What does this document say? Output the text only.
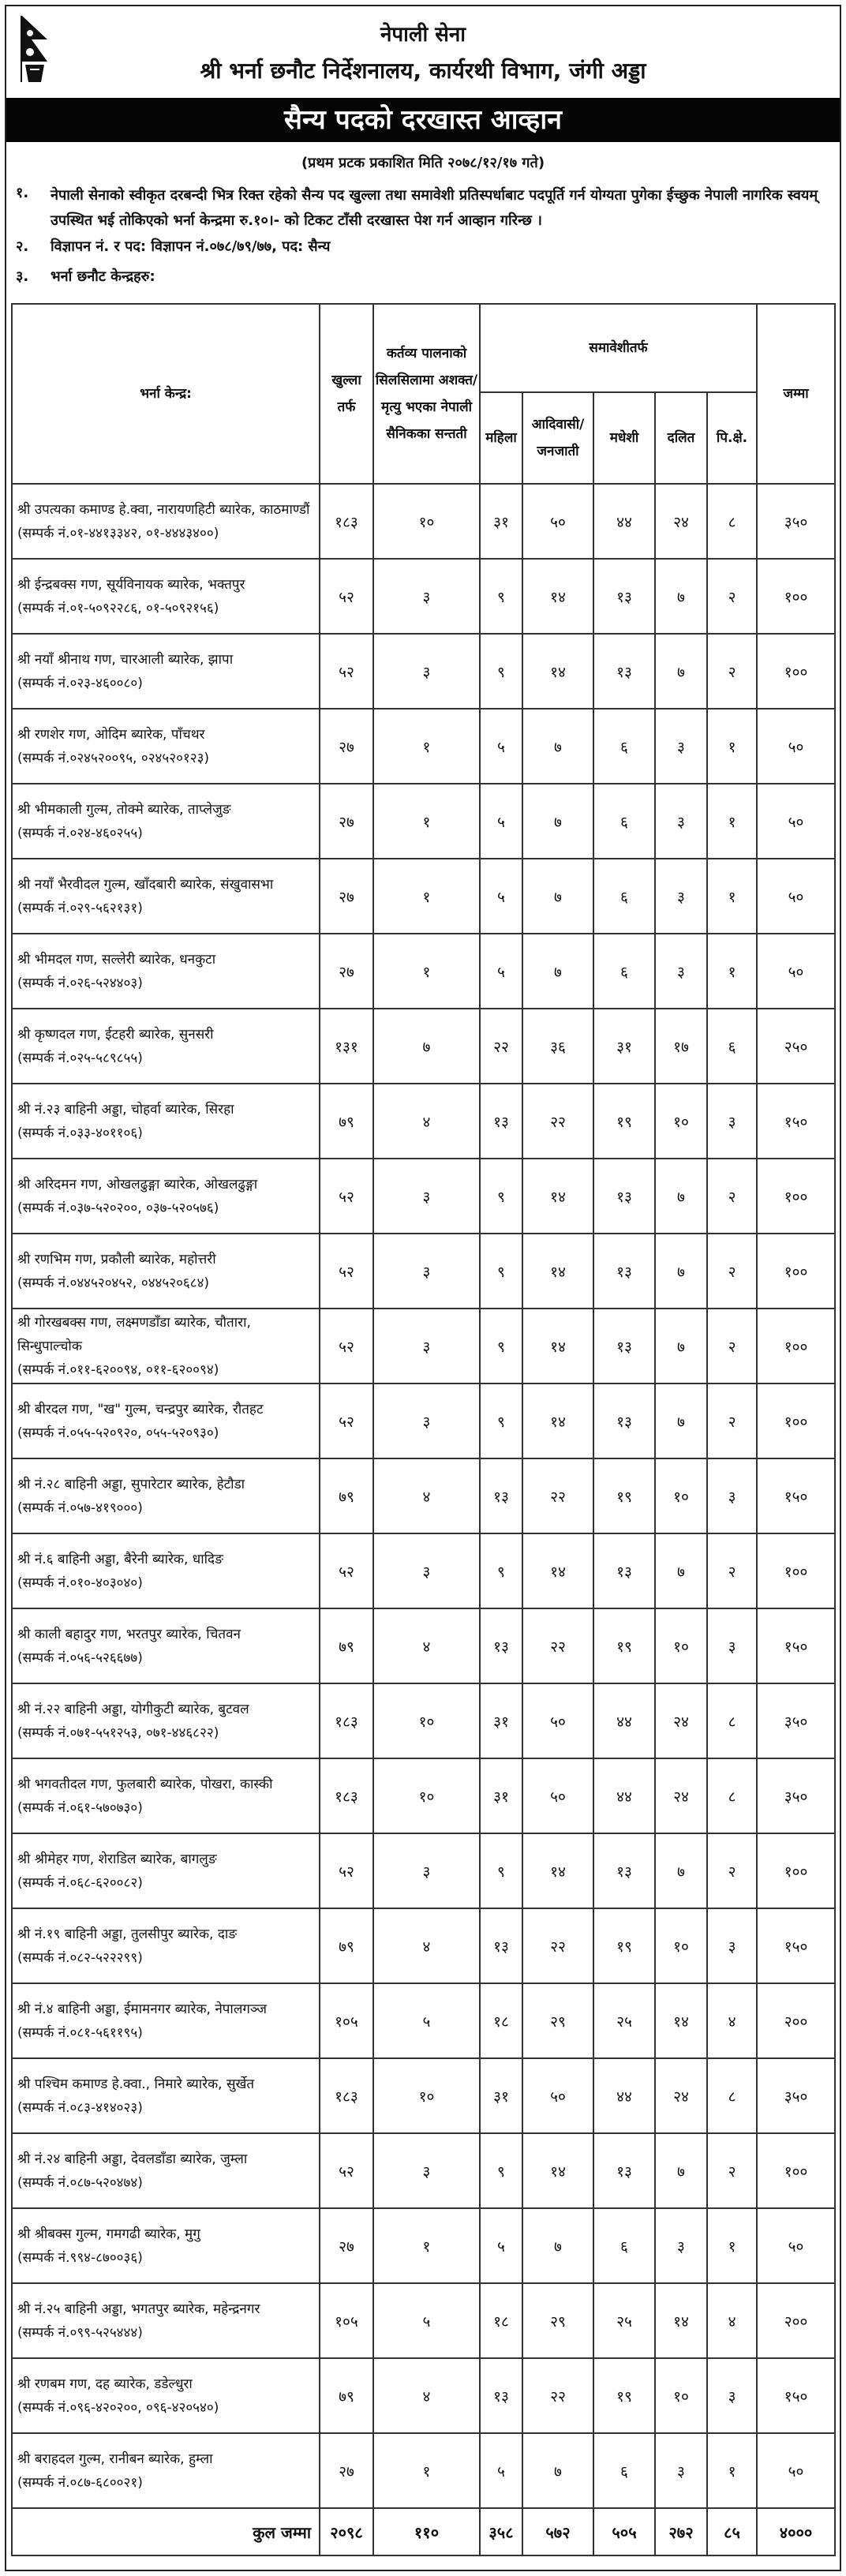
नेपाली सेना
श्री भर्ना छनौट निर्देशनालय, कार्यरथी विभाग, जंगी अड्डा
सैन्य पदको दरखास्त आव्हान
(प्रथम प्रटक प्रकाशित मिति २०७८/१२/१७ गते)
१. नेपाली सेनाको स्वीकृत दरबन्दी भित्र रिक्त रहेको सैन्य पद खुल्ला तथा समावेशी प्रतिस्पर्धाबाट पदपूर्ति गर्न योग्यता पुगेका ईच्छुक नेपाली नागरिक स्वयम् उपस्थित भई तोकिएको भर्ना केन्द्रमा रु.१०।- को टिकट टाँसी दरखास्त पेश गर्न आव्हान गरिन्छ ।
२. विज्ञापन नं. र पद: विज्ञापन नं.०७८/७९/७७, पद: सैन्य
३. भर्ना छनौट केन्द्रहरु:
भर्ना केन्द्र:	खुल्ला तर्फ	कर्तव्य पालनाको सिलसिलामा अशक्त/मृत्यु भएका नेपाली सैनिकका सन्तती	समावेशीतर्फ					जम्मा
			महिला	आदिवासी/ जनजाती	मधेशी	दलित	पि.क्षे.	

श्री उपत्यका कमाण्ड हे.क्वा, नारायणहिटी ब्यारेक, काठमाण्डौं
(सम्पर्क नं.०१-४४१३३४२, ०१-४४४३४००)	१८३	१०	३१	५०	४४	२४	८	३५०

श्री ईन्द्रबक्स गण, सूर्यविनायक ब्यारेक, भक्तपुर
(सम्पर्क नं.०१-५०९२२८६, ०१-५०९२१५६)	५२	३	९	१४	१३	७	२	१००

श्री नयाँ श्रीनाथ गण, चारआली ब्यारेक, झापा
(सम्पर्क नं.०२३-४६००८०)	५२	३	९	१४	१३	७	२	१००

श्री रणशेर गण, ओदिम ब्यारेक, पाँचथर
(सम्पर्क नं.०२४५२००९५, ०२४५२०१२३)	२७	१	५	७	६	३	१	५०

श्री भीमकाली गुल्म, तोक्मे ब्यारेक, ताप्लेजुङ
(सम्पर्क नं.०२४-४६०२५५)	२७	१	५	७	६	३	१	५०

श्री नयाँ भैरवीदल गुल्म, खाँदबारी ब्यारेक, संखुवासभा
(सम्पर्क नं.०२९-५६२१३१)	२७	१	५	७	६	३	१	५०

श्री भीमदल गण, सल्लेरी ब्यारेक, धनकुटा
(सम्पर्क नं.०२६-५२४४०३)	२७	१	५	७	६	३	१	५०

श्री कृष्णदल गण, ईटहरी ब्यारेक, सुनसरी
(सम्पर्क नं.०२५-५८९८५५)	१३१	७	२२	३६	३१	१७	६	२५०

श्री नं.२३ बाहिनी अड्डा, चोहर्वा ब्यारेक, सिरहा
(सम्पर्क नं.०३३-४०११०६)	७९	४	१३	२२	१९	१०	३	१५०

श्री अरिदमन गण, ओखलढुङ्गा ब्यारेक, ओखलढुङ्गा
(सम्पर्क नं.०३७-५२०२००, ०३७-५२०५७६)	५२	३	९	१४	१३	७	२	१००

श्री रणभिम गण, प्रकौली ब्यारेक, महोत्तरी
(सम्पर्क नं.०४४५२०४५२, ०४४५२०६८४)	५२	३	९	१४	१३	७	२	१००

श्री गोरखबक्स गण, लक्ष्मणडाँडा ब्यारेक, चौतारा, सिन्धुपाल्चोक
(सम्पर्क नं.०११-६२००९४, ०११-६२००९४)	५२	३	९	१४	१३	७	२	१००

श्री बीरदल गण, "ख" गुल्म, चन्द्रपुर ब्यारेक, रौतहट
(सम्पर्क नं.०५५-५२०९२०, ०५५-५२०९३०)	५२	३	९	१४	१३	७	२	१००

श्री नं.२८ बाहिनी अड्डा, सुपारेटार ब्यारेक, हेटौडा
(सम्पर्क नं.०५७-४१९०००)	७९	४	१३	२२	१९	१०	३	१५०

श्री नं.६ बाहिनी अड्डा, बैरेनी ब्यारेक, धादिङ
(सम्पर्क नं.०१०-४०३०४०)	५२	३	९	१४	१३	७	२	१००

श्री काली बहादुर गण, भरतपुर ब्यारेक, चितवन
(सम्पर्क नं.०५६-५२६६७७)	७९	४	१३	२२	१९	१०	३	१५०

श्री नं.२२ बाहिनी अड्डा, योगीकुटी ब्यारेक, बुटवल
(सम्पर्क नं.०७१-५५१२५३, ०७१-४४६८२२)	१८३	१०	३१	५०	४४	२४	८	३५०

श्री भगवतीदल गण, फुलबारी ब्यारेक, पोखरा, कास्की
(सम्पर्क नं.०६१-५७०७३०)	१८३	१०	३१	५०	४४	२४	८	३५०

श्री श्रीमेहर गण, शेराडिल ब्यारेक, बागलुङ
(सम्पर्क नं.०६८-६२००८२)	५२	३	९	१४	१३	७	२	१००

श्री नं.१९ बाहिनी अड्डा, तुलसीपुर ब्यारेक, दाङ
(सम्पर्क नं.०८२-५२२२९९)	७९	४	१३	२२	१९	१०	३	१५०

श्री नं.४ बाहिनी अड्डा, ईमामनगर ब्यारेक, नेपालगञ्ज
(सम्पर्क नं.०८१-५६११९५)	१०५	५	१८	२९	२५	१४	४	२००

श्री पश्चिम कमाण्ड हे.क्वा., निमारे ब्यारेक, सुर्खेत
(सम्पर्क नं.०८३-४१४०२३)	१८३	१०	३१	५०	४४	२४	८	३५०

श्री नं.२४ बाहिनी अड्डा, देवलडाँडा ब्यारेक, जुम्ला
(सम्पर्क नं.०८७-५२०४७४)	५२	३	९	१४	१३	७	२	१००

श्री श्रीबक्स गुल्म, गमगढी ब्यारेक, मुगु
(सम्पर्क नं.९९४-८७००३६)	२७	१	५	७	६	३	१	५०

श्री नं.२५ बाहिनी अड्डा, भगतपुर ब्यारेक, महेन्द्रनगर
(सम्पर्क नं.०९९-५२५४४४)	१०५	५	१८	२९	२५	१४	४	२००

श्री रणबम गण, दह ब्यारेक, डडेल्धुरा
(सम्पर्क नं.०९६-४२०२००, ०९६-४२०५४०)	७९	४	१३	२२	१९	१०	३	१५०

श्री बराहदल गुल्म, रानीबन ब्यारेक, हुम्ला
(सम्पर्क नं.०८७-६८००२१)	२७	१	५	७	६	३	१	५०
कुल जम्मा	२०९८	११०	३५८	५७२	५०५	२७२	८५	४०००
